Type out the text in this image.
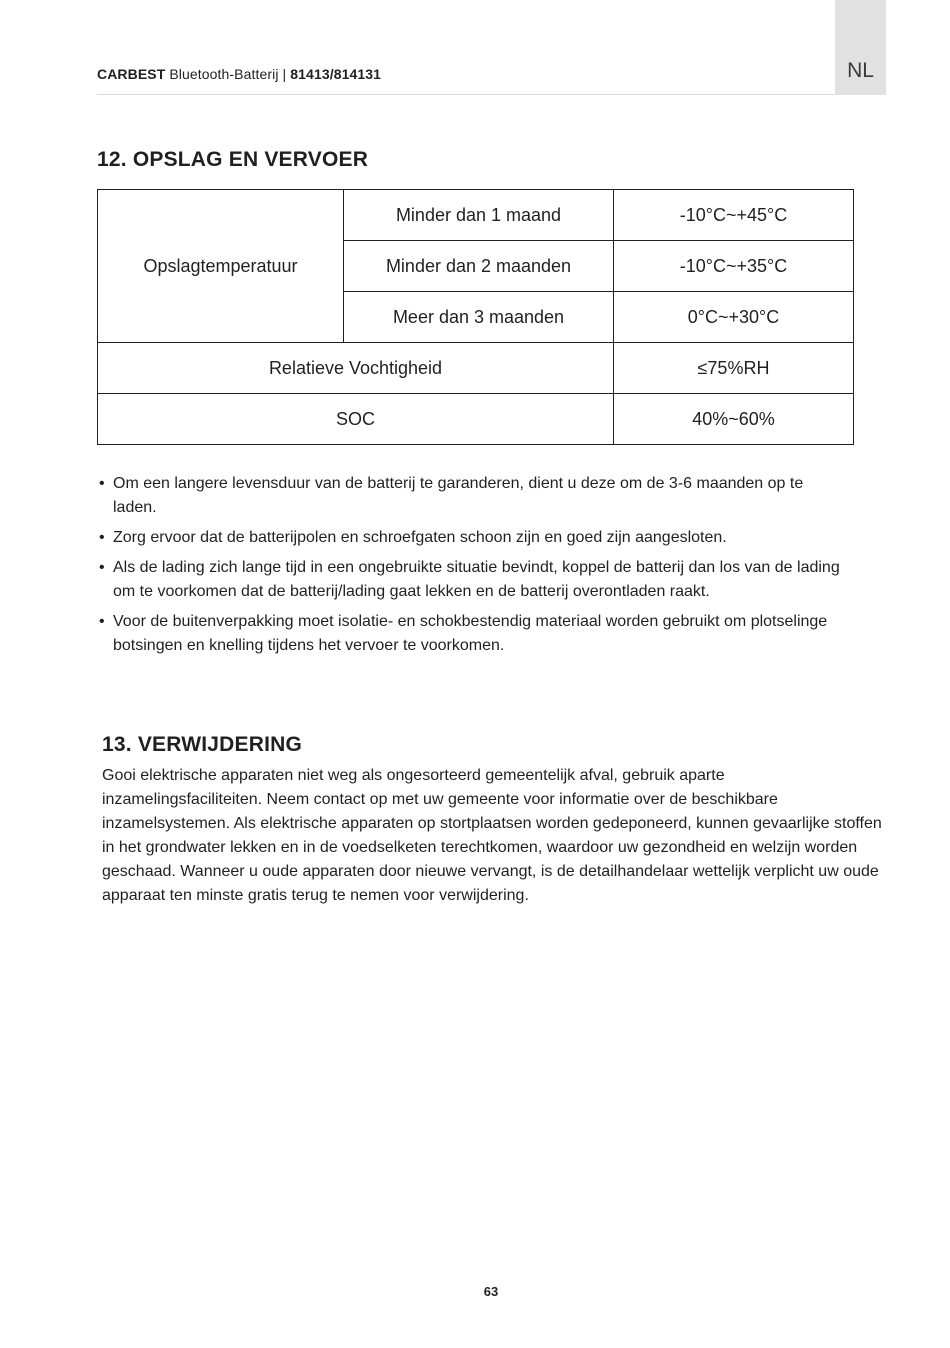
CARBEST Bluetooth-Batterij | 81413/814131	NL
12. OPSLAG EN VERVOER
Opslagtemperatuur	Minder dan 1 maand	-10°C~+45°C
	Minder dan 2 maanden	-10°C~+35°C
	Meer dan 3 maanden	0°C~+30°C
Relatieve Vochtigheid		≤75%RH
SOC		40%~60%
• Om een langere levensduur van de batterij te garanderen, dient u deze om de 3-6 maanden op te laden.
• Zorg ervoor dat de batterijpolen en schroefgaten schoon zijn en goed zijn aangesloten.
• Als de lading zich lange tijd in een ongebruikte situatie bevindt, koppel de batterij dan los van de lading om te voorkomen dat de batterij/lading gaat lekken en de batterij overontladen raakt.
• Voor de buitenverpakking moet isolatie- en schokbestendig materiaal worden gebruikt om plotselinge botsingen en knelling tijdens het vervoer te voorkomen.
13. VERWIJDERING

Gooi elektrische apparaten niet weg als ongesorteerd gemeentelijk afval, gebruik aparte inzamelingsfaciliteiten. Neem contact op met uw gemeente voor informatie over de beschikbare inzamelsystemen. Als elektrische apparaten op stortplaatsen worden gedeponeerd, kunnen gevaarlijke stoffen in het grondwater lekken en in de voedselketen terechtkomen, waardoor uw gezondheid en welzijn worden geschaad. Wanneer u oude apparaten door nieuwe vervangt, is de detailhandelaar wettelijk verplicht uw oude apparaat ten minste gratis terug te nemen voor verwijdering.

63
